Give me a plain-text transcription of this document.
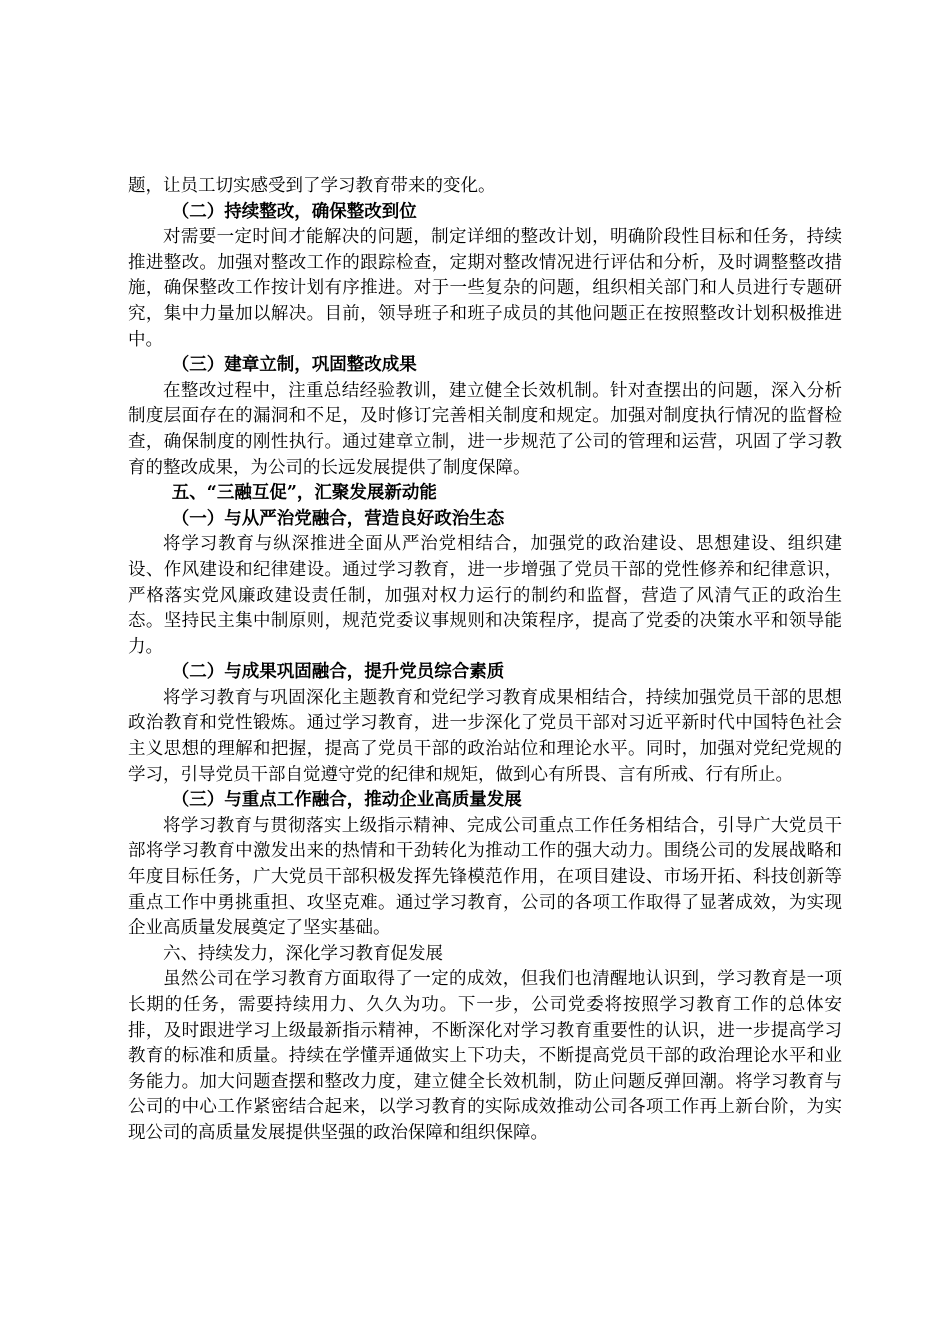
题，让员工切实感受到了学习教育带来的变化。

（二）持续整改，确保整改到位

对需要一定时间才能解决的问题，制定详细的整改计划，明确阶段性目标和任务，持续推进整改。加强对整改工作的跟踪检查，定期对整改情况进行评估和分析，及时调整整改措施，确保整改工作按计划有序推进。对于一些复杂的问题，组织相关部门和人员进行专题研究，集中力量加以解决。目前，领导班子和班子成员的其他问题正在按照整改计划积极推进中。

（三）建章立制，巩固整改成果

在整改过程中，注重总结经验教训，建立健全长效机制。针对查摆出的问题，深入分析制度层面存在的漏洞和不足，及时修订完善相关制度和规定。加强对制度执行情况的监督检查，确保制度的刚性执行。通过建章立制，进一步规范了公司的管理和运营，巩固了学习教育的整改成果，为公司的长远发展提供了制度保障。

五、“三融互促”，汇聚发展新动能

（一）与从严治党融合，营造良好政治生态

将学习教育与纵深推进全面从严治党相结合，加强党的政治建设、思想建设、组织建设、作风建设和纪律建设。通过学习教育，进一步增强了党员干部的党性修养和纪律意识，严格落实党风廉政建设责任制，加强对权力运行的制约和监督，营造了风清气正的政治生态。坚持民主集中制原则，规范党委议事规则和决策程序，提高了党委的决策水平和领导能力。

（二）与成果巩固融合，提升党员综合素质

将学习教育与巩固深化主题教育和党纪学习教育成果相结合，持续加强党员干部的思想政治教育和党性锻炼。通过学习教育，进一步深化了党员干部对习近平新时代中国特色社会主义思想的理解和把握，提高了党员干部的政治站位和理论水平。同时，加强对党纪党规的学习，引导党员干部自觉遵守党的纪律和规矩，做到心有所畏、言有所戒、行有所止。

（三）与重点工作融合，推动企业高质量发展

将学习教育与贯彻落实上级指示精神、完成公司重点工作任务相结合，引导广大党员干部将学习教育中激发出来的热情和干劲转化为推动工作的强大动力。围绕公司的发展战略和年度目标任务，广大党员干部积极发挥先锋模范作用，在项目建设、市场开拓、科技创新等重点工作中勇挑重担、攻坚克难。通过学习教育，公司的各项工作取得了显著成效，为实现企业高质量发展奠定了坚实基础。

六、持续发力，深化学习教育促发展

虽然公司在学习教育方面取得了一定的成效，但我们也清醒地认识到，学习教育是一项长期的任务，需要持续用力、久久为功。下一步，公司党委将按照学习教育工作的总体安排，及时跟进学习上级最新指示精神，不断深化对学习教育重要性的认识，进一步提高学习教育的标准和质量。持续在学懂弄通做实上下功夫，不断提高党员干部的政治理论水平和业务能力。加大问题查摆和整改力度，建立健全长效机制，防止问题反弹回潮。将学习教育与公司的中心工作紧密结合起来，以学习教育的实际成效推动公司各项工作再上新台阶，为实现公司的高质量发展提供坚强的政治保障和组织保障。
